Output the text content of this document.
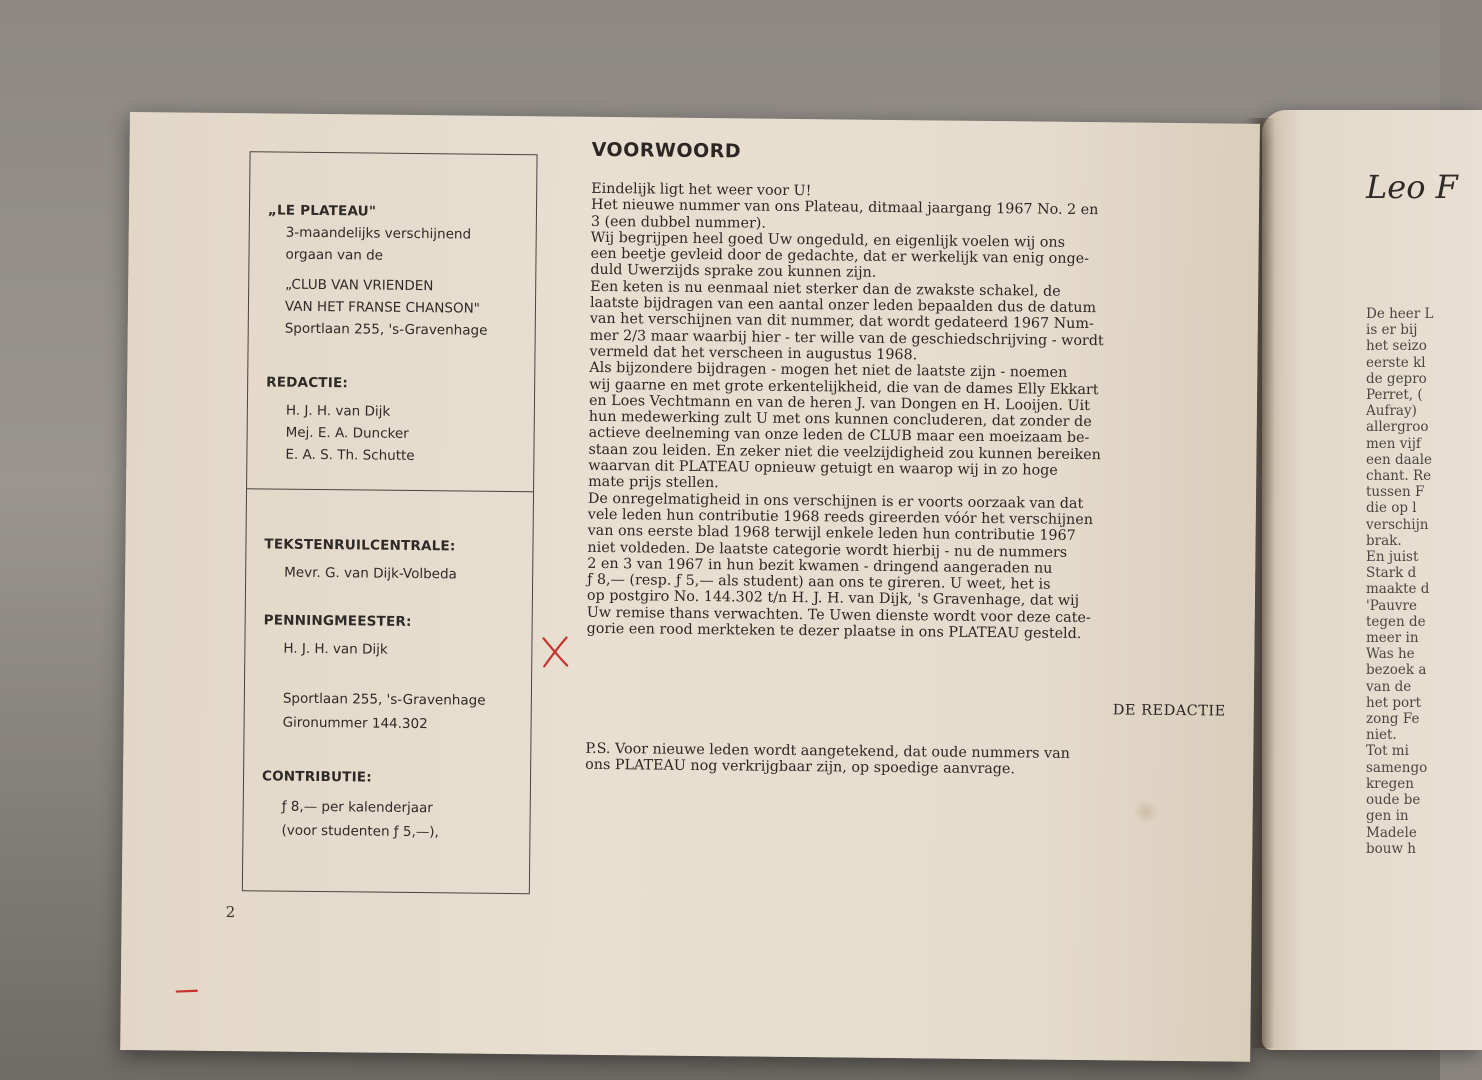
Leo F
De heer L
is er bij
het seizo
eerste kl
de gepro
Perret, (
Aufray)
allergroo
men vijf
een daale
chant. Re
tussen F
die op l
verschijn
brak.
En juist
Stark d
maakte d
'Pauvre
tegen de
meer in
Was he
bezoek a
van de
het port
zong Fe
niet.
Tot mi
samengo
kregen
oude be
gen in
Madele
bouw h
„LE PLATEAU"
3-maandelijks verschijnend
orgaan van de
„CLUB VAN VRIENDEN
VAN HET FRANSE CHANSON"
Sportlaan 255, 's-Gravenhage
REDACTIE:
H. J. H. van Dijk
Mej. E. A. Duncker
E. A. S. Th. Schutte
TEKSTENRUILCENTRALE:
Mevr. G. van Dijk-Volbeda
PENNINGMEESTER:
H. J. H. van Dijk
Sportlaan 255, 's-Gravenhage
Gironummer 144.302
CONTRIBUTIE:
ƒ 8,— per kalenderjaar
(voor studenten ƒ 5,—),
VOORWOORD
Eindelijk ligt het weer voor U!
Het nieuwe nummer van ons Plateau, ditmaal jaargang 1967 No. 2 en
3 (een dubbel nummer).
Wij begrijpen heel goed Uw ongeduld, en eigenlijk voelen wij ons
een beetje gevleid door de gedachte, dat er werkelijk van enig onge-
duld Uwerzijds sprake zou kunnen zijn.
Een keten is nu eenmaal niet sterker dan de zwakste schakel, de
laatste bijdragen van een aantal onzer leden bepaalden dus de datum
van het verschijnen van dit nummer, dat wordt gedateerd 1967 Num-
mer 2/3 maar waarbij hier - ter wille van de geschiedschrijving - wordt
vermeld dat het verscheen in augustus 1968.
Als bijzondere bijdragen - mogen het niet de laatste zijn - noemen
wij gaarne en met grote erkentelijkheid, die van de dames Elly Ekkart
en Loes Vechtmann en van de heren J. van Dongen en H. Looijen. Uit
hun medewerking zult U met ons kunnen concluderen, dat zonder de
actieve deelneming van onze leden de CLUB maar een moeizaam be-
staan zou leiden. En zeker niet die veelzijdigheid zou kunnen bereiken
waarvan dit PLATEAU opnieuw getuigt en waarop wij in zo hoge
mate prijs stellen.
De onregelmatigheid in ons verschijnen is er voorts oorzaak van dat
vele leden hun contributie 1968 reeds gireerden vóór het verschijnen
van ons eerste blad 1968 terwijl enkele leden hun contributie 1967
niet voldeden. De laatste categorie wordt hierbij - nu de nummers
2 en 3 van 1967 in hun bezit kwamen - dringend aangeraden nu
ƒ 8,— (resp. ƒ 5,— als student) aan ons te gireren. U weet, het is
op postgiro No. 144.302 t/n H. J. H. van Dijk, 's Gravenhage, dat wij
Uw remise thans verwachten. Te Uwen dienste wordt voor deze cate-
gorie een rood merkteken te dezer plaatse in ons PLATEAU gesteld.
DE REDACTIE
P.S. Voor nieuwe leden wordt aangetekend, dat oude nummers van
ons PLATEAU nog verkrijgbaar zijn, op spoedige aanvrage.
2
